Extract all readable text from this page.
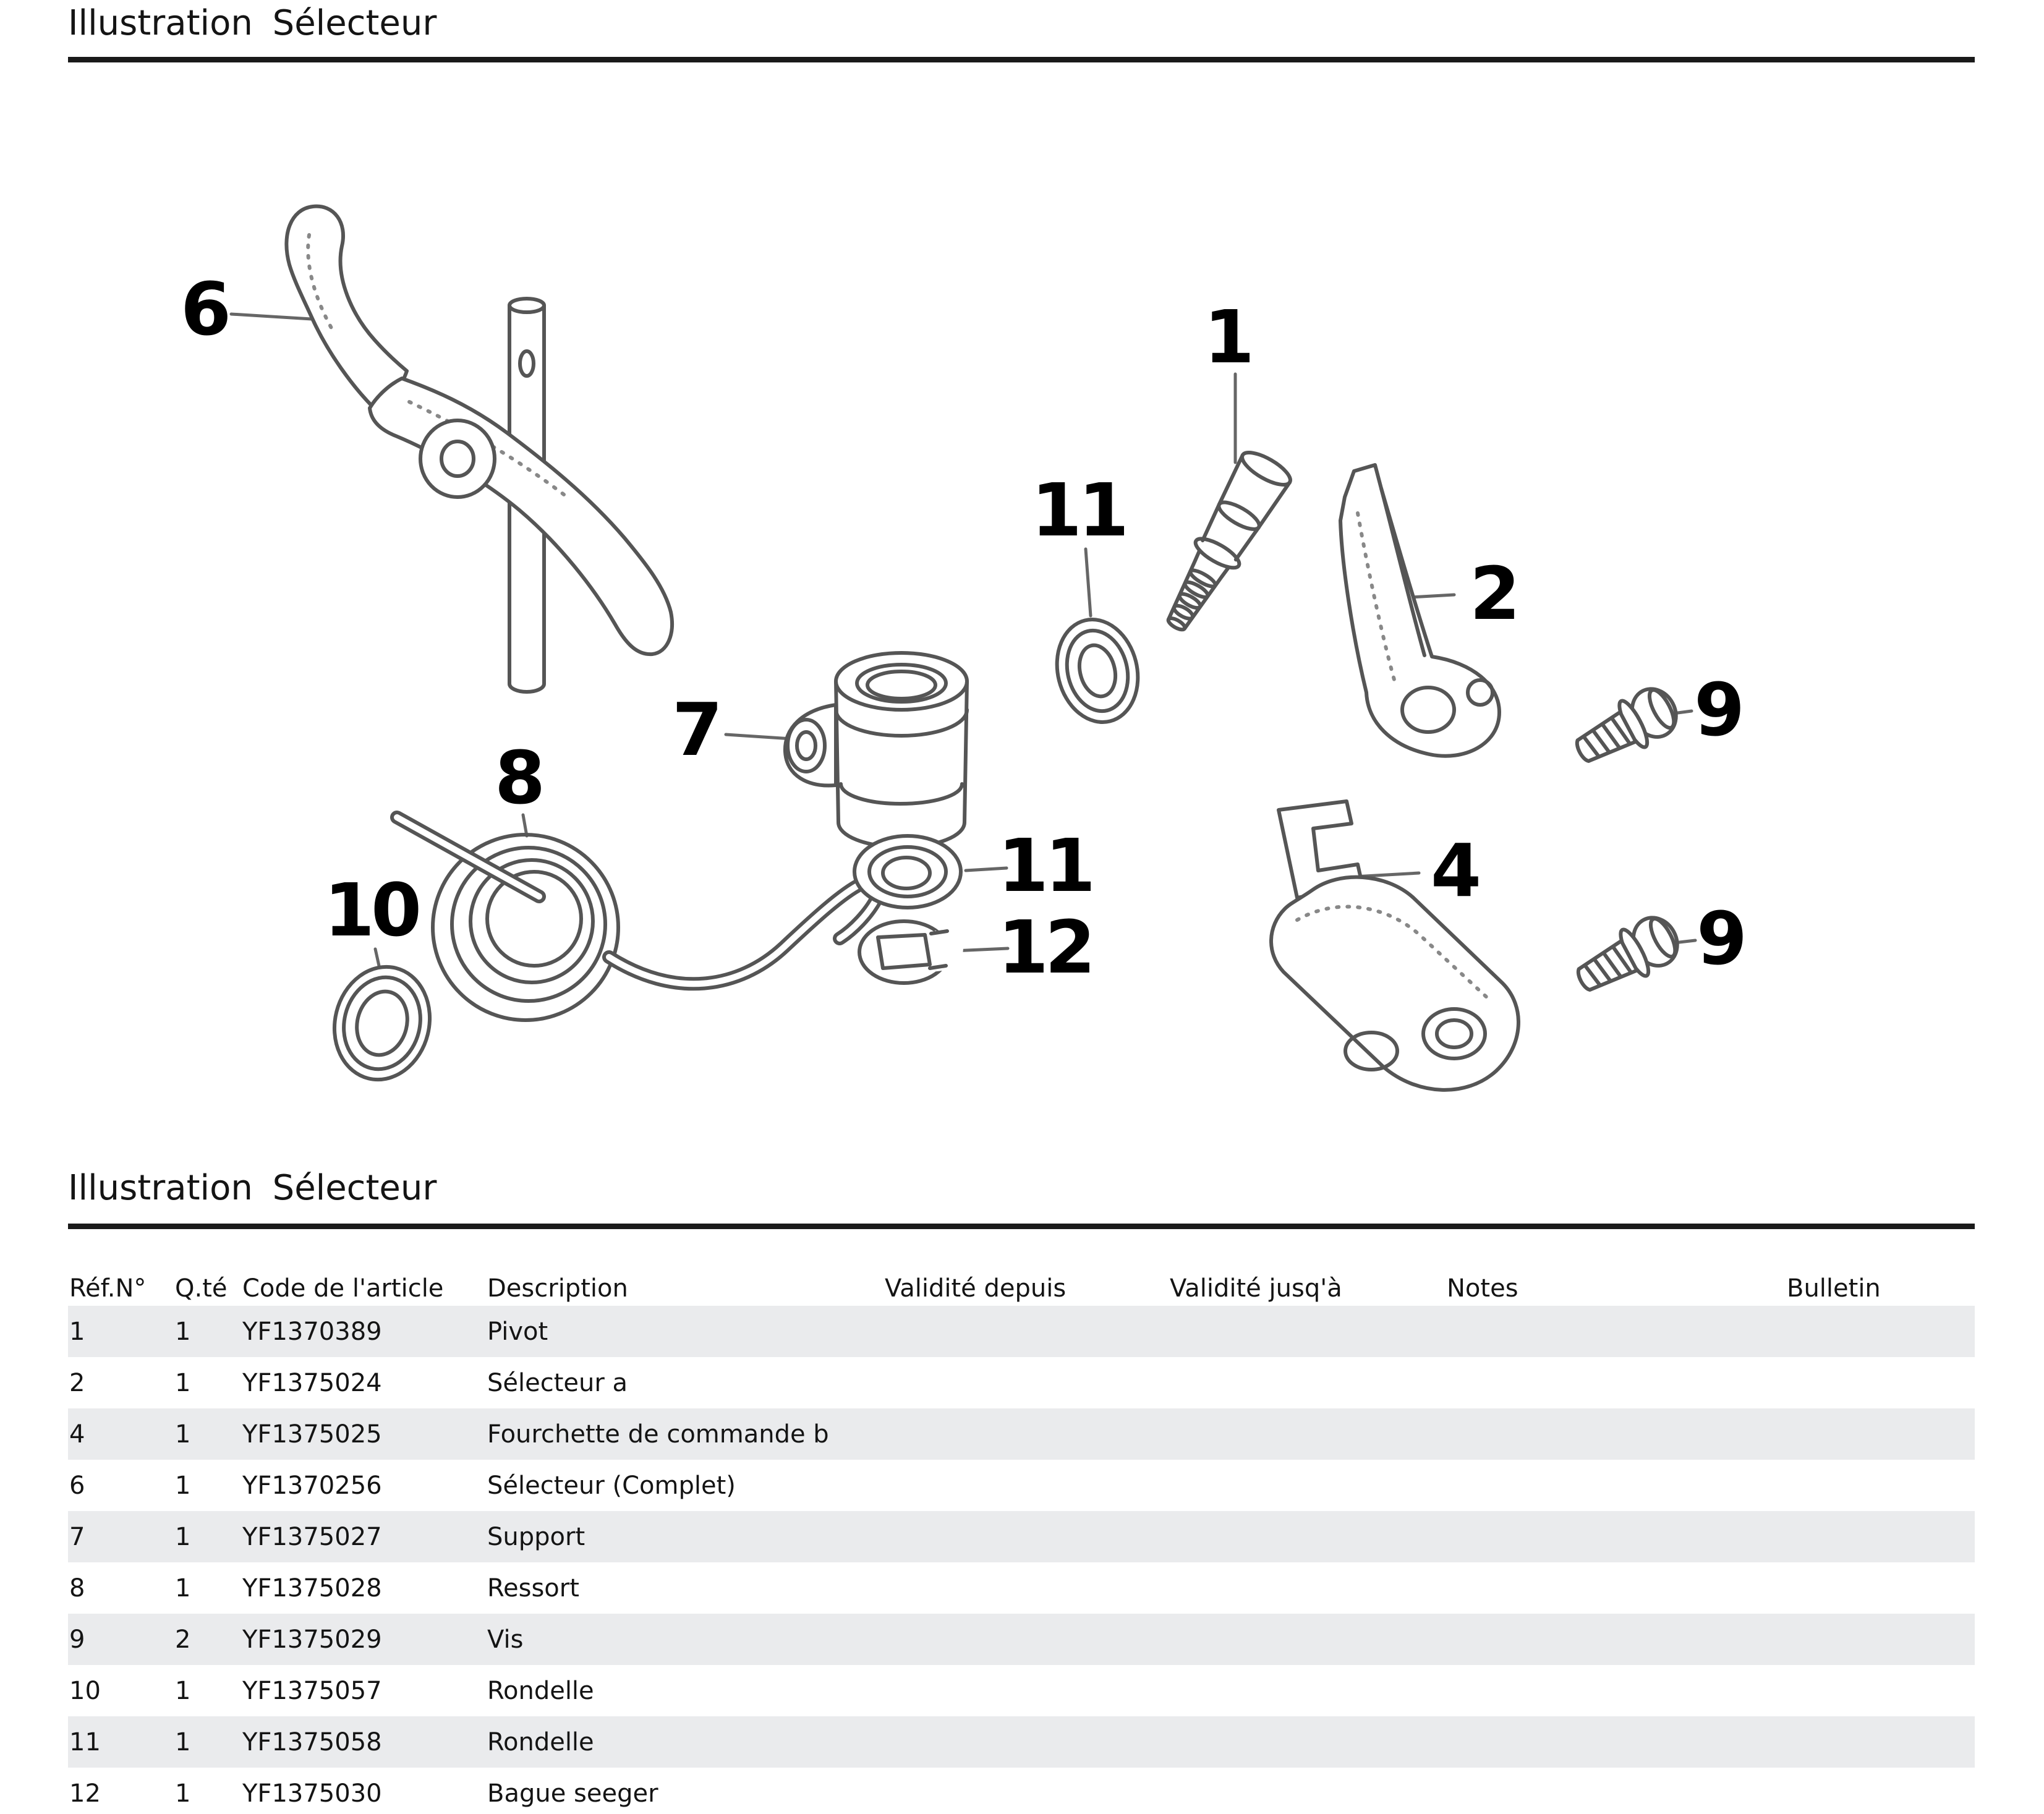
Illustration Sélecteur
6	1
11
2
7	9
8
11	4
10	12	9
Illustration Sélecteur
Réf.N°	Q.té	Code de l'article	Description	Validité depuis	Validité jusq'à	Notes	Bulletin
1	1	YF1370389	Pivot				
2	1	YF1375024	Sélecteur a				
4	1	YF1375025	Fourchette de commande b				
6	1	YF1370256	Sélecteur (Complet)				
7	1	YF1375027	Support				
8	1	YF1375028	Ressort				
9	2	YF1375029	Vis				
10	1	YF1375057	Rondelle				
11	1	YF1375058	Rondelle				
12	1	YF1375030	Bague seeger				
